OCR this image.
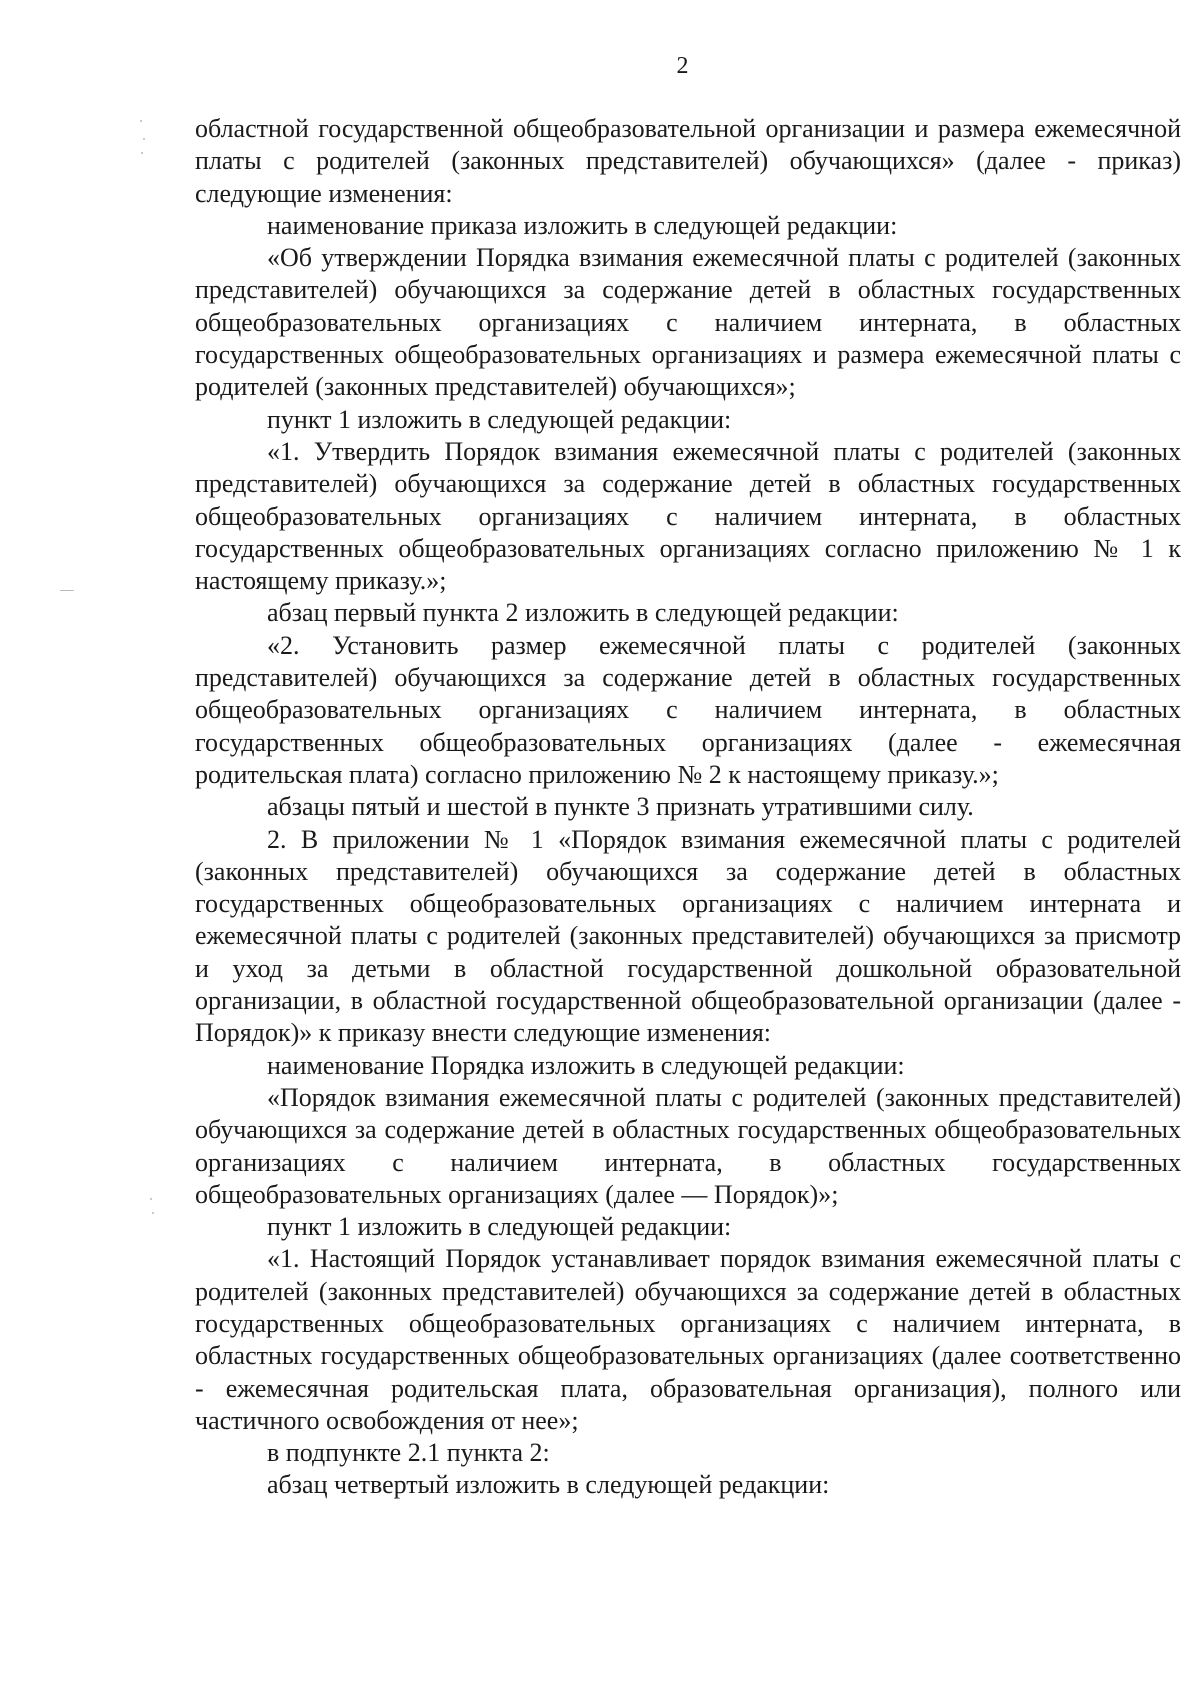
2

областной государственной общеобразовательной организации и размера ежемесячной платы с родителей (законных представителей) обучающихся» (далее - приказ) следующие изменения:

наименование приказа изложить в следующей редакции:

«Об утверждении Порядка взимания ежемесячной платы с родителей (законных представителей) обучающихся за содержание детей в областных государственных общеобразовательных организациях с наличием интерната, в областных государственных общеобразовательных организациях и размера ежемесячной платы с родителей (законных представителей) обучающихся»;

пункт 1 изложить в следующей редакции:

«1. Утвердить Порядок взимания ежемесячной платы с родителей (законных представителей) обучающихся за содержание детей в областных государственных общеобразовательных организациях с наличием интерната, в областных государственных общеобразовательных организациях согласно приложению № 1 к настоящему приказу.»;

абзац первый пункта 2 изложить в следующей редакции:

«2. Установить размер ежемесячной платы с родителей (законных представителей) обучающихся за содержание детей в областных государственных общеобразовательных организациях с наличием интерната, в областных государственных общеобразовательных организациях (далее - ежемесячная родительская плата) согласно приложению № 2 к настоящему приказу.»;

абзацы пятый и шестой в пункте 3 признать утратившими силу.

2. В приложении № 1 «Порядок взимания ежемесячной платы с родителей (законных представителей) обучающихся за содержание детей в областных государственных общеобразовательных организациях с наличием интерната и ежемесячной платы с родителей (законных представителей) обучающихся за присмотр и уход за детьми в областной государственной дошкольной образовательной организации, в областной государственной общеобразовательной организации (далее - Порядок)» к приказу внести следующие изменения:

наименование Порядка изложить в следующей редакции:

«Порядок взимания ежемесячной платы с родителей (законных представителей) обучающихся за содержание детей в областных государственных общеобразовательных организациях с наличием интерната, в областных государственных общеобразовательных организациях (далее — Порядок)»;

пункт 1 изложить в следующей редакции:

«1. Настоящий Порядок устанавливает порядок взимания ежемесячной платы с родителей (законных представителей) обучающихся за содержание детей в областных государственных общеобразовательных организациях с наличием интерната, в областных государственных общеобразовательных организациях (далее соответственно - ежемесячная родительская плата, образовательная организация), полного или частичного освобождения от нее»;

в подпункте 2.1 пункта 2:

абзац четвертый изложить в следующей редакции:
